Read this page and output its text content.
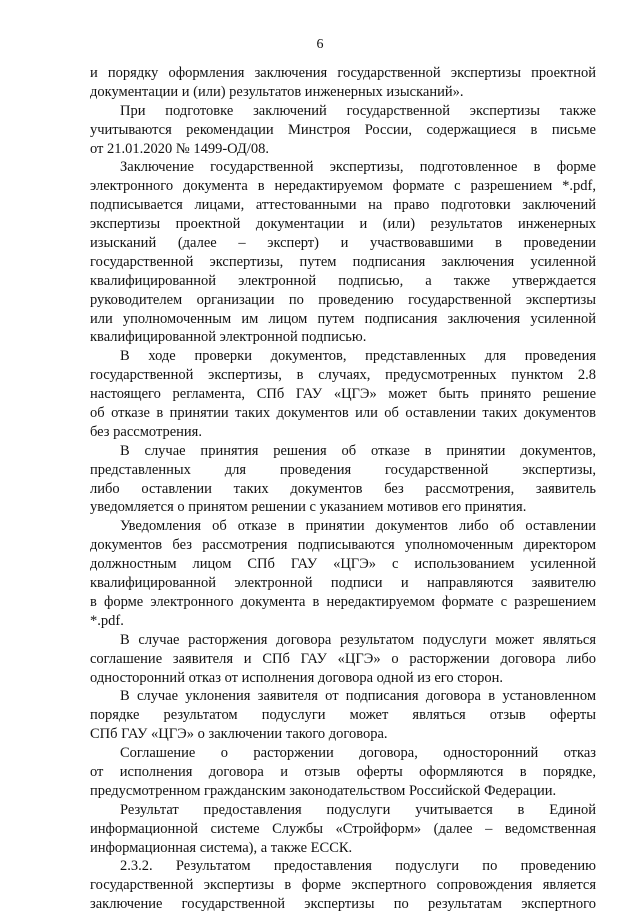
6
и порядку оформления заключения государственной экспертизы проектной
документации и (или) результатов инженерных изысканий».
При подготовке заключений государственной экспертизы также
учитываются рекомендации Минстроя России, содержащиеся в письме
от 21.01.2020 № 1499-ОД/08.
Заключение государственной экспертизы, подготовленное в форме
электронного документа в нередактируемом формате с разрешением *.pdf,
подписывается лицами, аттестованными на право подготовки заключений
экспертизы проектной документации и (или) результатов инженерных
изысканий (далее – эксперт) и участвовавшими в проведении
государственной экспертизы, путем подписания заключения усиленной
квалифицированной электронной подписью, а также утверждается
руководителем организации по проведению государственной экспертизы
или уполномоченным им лицом путем подписания заключения усиленной
квалифицированной электронной подписью.
В ходе проверки документов, представленных для проведения
государственной экспертизы, в случаях, предусмотренных пунктом 2.8
настоящего регламента, СПб ГАУ «ЦГЭ» может быть принято решение
об отказе в принятии таких документов или об оставлении таких документов
без рассмотрения.
В случае принятия решения об отказе в принятии документов,
представленных для проведения государственной экспертизы,
либо оставлении таких документов без рассмотрения, заявитель
уведомляется о принятом решении с указанием мотивов его принятия.
Уведомления об отказе в принятии документов либо об оставлении
документов без рассмотрения подписываются уполномоченным директором
должностным лицом СПб ГАУ «ЦГЭ» с использованием усиленной
квалифицированной электронной подписи и направляются заявителю
в форме электронного документа в нередактируемом формате с разрешением
*.pdf.
В случае расторжения договора результатом подуслуги может являться
соглашение заявителя и СПб ГАУ «ЦГЭ» о расторжении договора либо
односторонний отказ от исполнения договора одной из его сторон.
В случае уклонения заявителя от подписания договора в установленном
порядке результатом подуслуги может являться отзыв оферты
СПб ГАУ «ЦГЭ» о заключении такого договора.
Соглашение о расторжении договора, односторонний отказ
от исполнения договора и отзыв оферты оформляются в порядке,
предусмотренном гражданским законодательством Российской Федерации.
Результат предоставления подуслуги учитывается в Единой
информационной системе Службы «Стройформ» (далее – ведомственная
информационная система), а также ЕССК.
2.3.2. Результатом предоставления подуслуги по проведению
государственной экспертизы в форме экспертного сопровождения является
заключение государственной экспертизы по результатам экспертного
